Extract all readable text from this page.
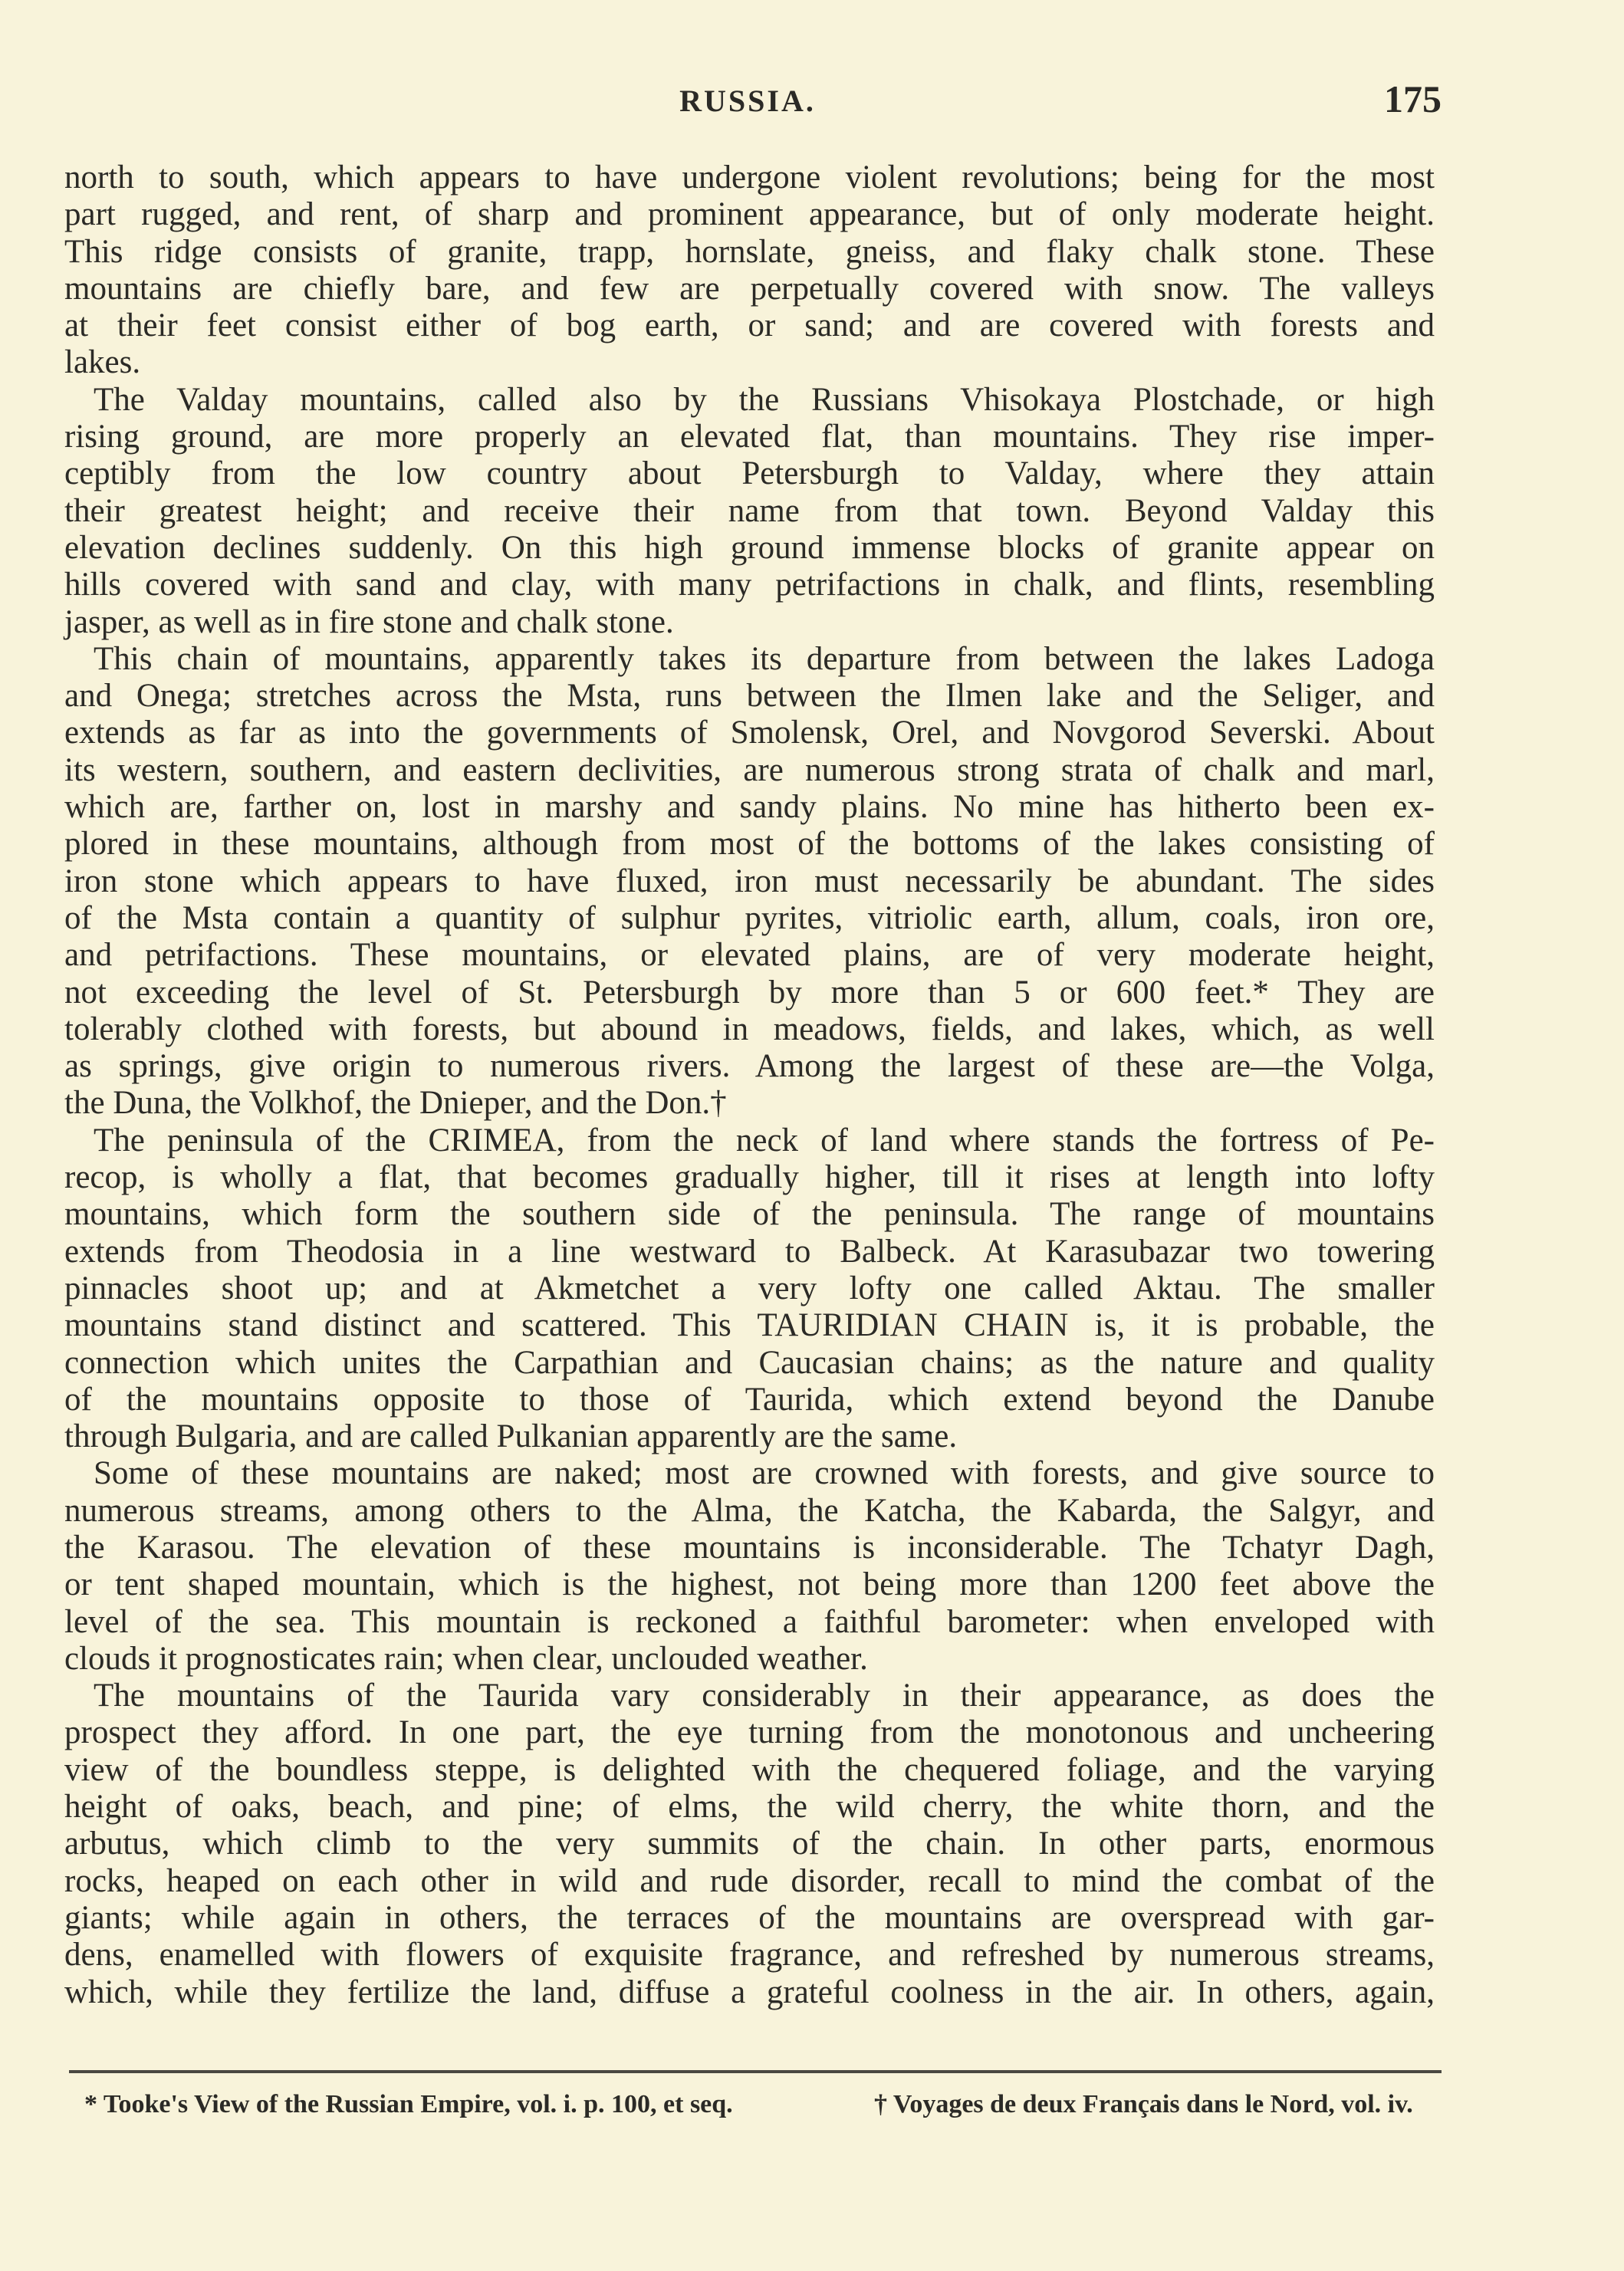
RUSSIA.	175
north to south, which appears to have undergone violent revolutions; being for the most
part rugged, and rent, of sharp and prominent appearance, but of only moderate height.
This ridge consists of granite, trapp, hornslate, gneiss, and flaky chalk stone. These
mountains are chiefly bare, and few are perpetually covered with snow. The valleys
at their feet consist either of bog earth, or sand; and are covered with forests and
lakes.
The Valday mountains, called also by the Russians Vhisokaya Plostchade, or high
rising ground, are more properly an elevated flat, than mountains. They rise imper-
ceptibly from the low country about Petersburgh to Valday, where they attain
their greatest height; and receive their name from that town. Beyond Valday this
elevation declines suddenly. On this high ground immense blocks of granite appear on
hills covered with sand and clay, with many petrifactions in chalk, and flints, resembling
jasper, as well as in fire stone and chalk stone.
This chain of mountains, apparently takes its departure from between the lakes Ladoga
and Onega; stretches across the Msta, runs between the Ilmen lake and the Seliger, and
extends as far as into the governments of Smolensk, Orel, and Novgorod Severski. About
its western, southern, and eastern declivities, are numerous strong strata of chalk and marl,
which are, farther on, lost in marshy and sandy plains. No mine has hitherto been ex-
plored in these mountains, although from most of the bottoms of the lakes consisting of
iron stone which appears to have fluxed, iron must necessarily be abundant. The sides
of the Msta contain a quantity of sulphur pyrites, vitriolic earth, allum, coals, iron ore,
and petrifactions. These mountains, or elevated plains, are of very moderate height,
not exceeding the level of St. Petersburgh by more than 5 or 600 feet.* They are
tolerably clothed with forests, but abound in meadows, fields, and lakes, which, as well
as springs, give origin to numerous rivers. Among the largest of these are—the Volga,
the Duna, the Volkhof, the Dnieper, and the Don.†
The peninsula of the CRIMEA, from the neck of land where stands the fortress of Pe-
recop, is wholly a flat, that becomes gradually higher, till it rises at length into lofty
mountains, which form the southern side of the peninsula. The range of mountains
extends from Theodosia in a line westward to Balbeck. At Karasubazar two towering
pinnacles shoot up; and at Akmetchet a very lofty one called Aktau. The smaller
mountains stand distinct and scattered. This TAURIDIAN CHAIN is, it is probable, the
connection which unites the Carpathian and Caucasian chains; as the nature and quality
of the mountains opposite to those of Taurida, which extend beyond the Danube
through Bulgaria, and are called Pulkanian apparently are the same.
Some of these mountains are naked; most are crowned with forests, and give source to
numerous streams, among others to the Alma, the Katcha, the Kabarda, the Salgyr, and
the Karasou. The elevation of these mountains is inconsiderable. The Tchatyr Dagh,
or tent shaped mountain, which is the highest, not being more than 1200 feet above the
level of the sea. This mountain is reckoned a faithful barometer: when enveloped with
clouds it prognosticates rain; when clear, unclouded weather.
The mountains of the Taurida vary considerably in their appearance, as does the
prospect they afford. In one part, the eye turning from the monotonous and uncheering
view of the boundless steppe, is delighted with the chequered foliage, and the varying
height of oaks, beach, and pine; of elms, the wild cherry, the white thorn, and the
arbutus, which climb to the very summits of the chain. In other parts, enormous
rocks, heaped on each other in wild and rude disorder, recall to mind the combat of the
giants; while again in others, the terraces of the mountains are overspread with gar-
dens, enamelled with flowers of exquisite fragrance, and refreshed by numerous streams,
which, while they fertilize the land, diffuse a grateful coolness in the air. In others, again,
* Tooke's View of the Russian Empire, vol. i. p. 100, et seq.	† Voyages de deux Français dans le Nord, vol. iv.
